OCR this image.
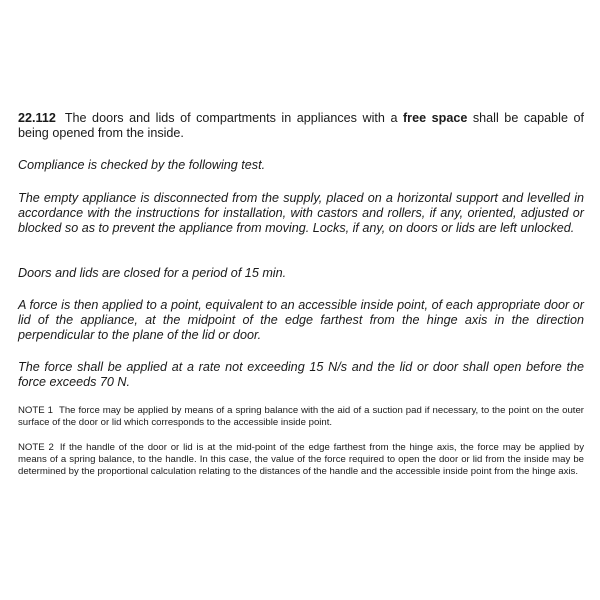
22.112 The doors and lids of compartments in appliances with a free space shall be capable of being opened from the inside.
Compliance is checked by the following test.
The empty appliance is disconnected from the supply, placed on a horizontal support and levelled in accordance with the instructions for installation, with castors and rollers, if any, oriented, adjusted or blocked so as to prevent the appliance from moving. Locks, if any, on doors or lids are left unlocked.
Doors and lids are closed for a period of 15 min.
A force is then applied to a point, equivalent to an accessible inside point, of each appropriate door or lid of the appliance, at the midpoint of the edge farthest from the hinge axis in the direction perpendicular to the plane of the lid or door.
The force shall be applied at a rate not exceeding 15 N/s and the lid or door shall open before the force exceeds 70 N.
NOTE 1 The force may be applied by means of a spring balance with the aid of a suction pad if necessary, to the point on the outer surface of the door or lid which corresponds to the accessible inside point.
NOTE 2 If the handle of the door or lid is at the mid-point of the edge farthest from the hinge axis, the force may be applied by means of a spring balance, to the handle. In this case, the value of the force required to open the door or lid from the inside may be determined by the proportional calculation relating to the distances of the handle and the accessible inside point from the hinge axis.
